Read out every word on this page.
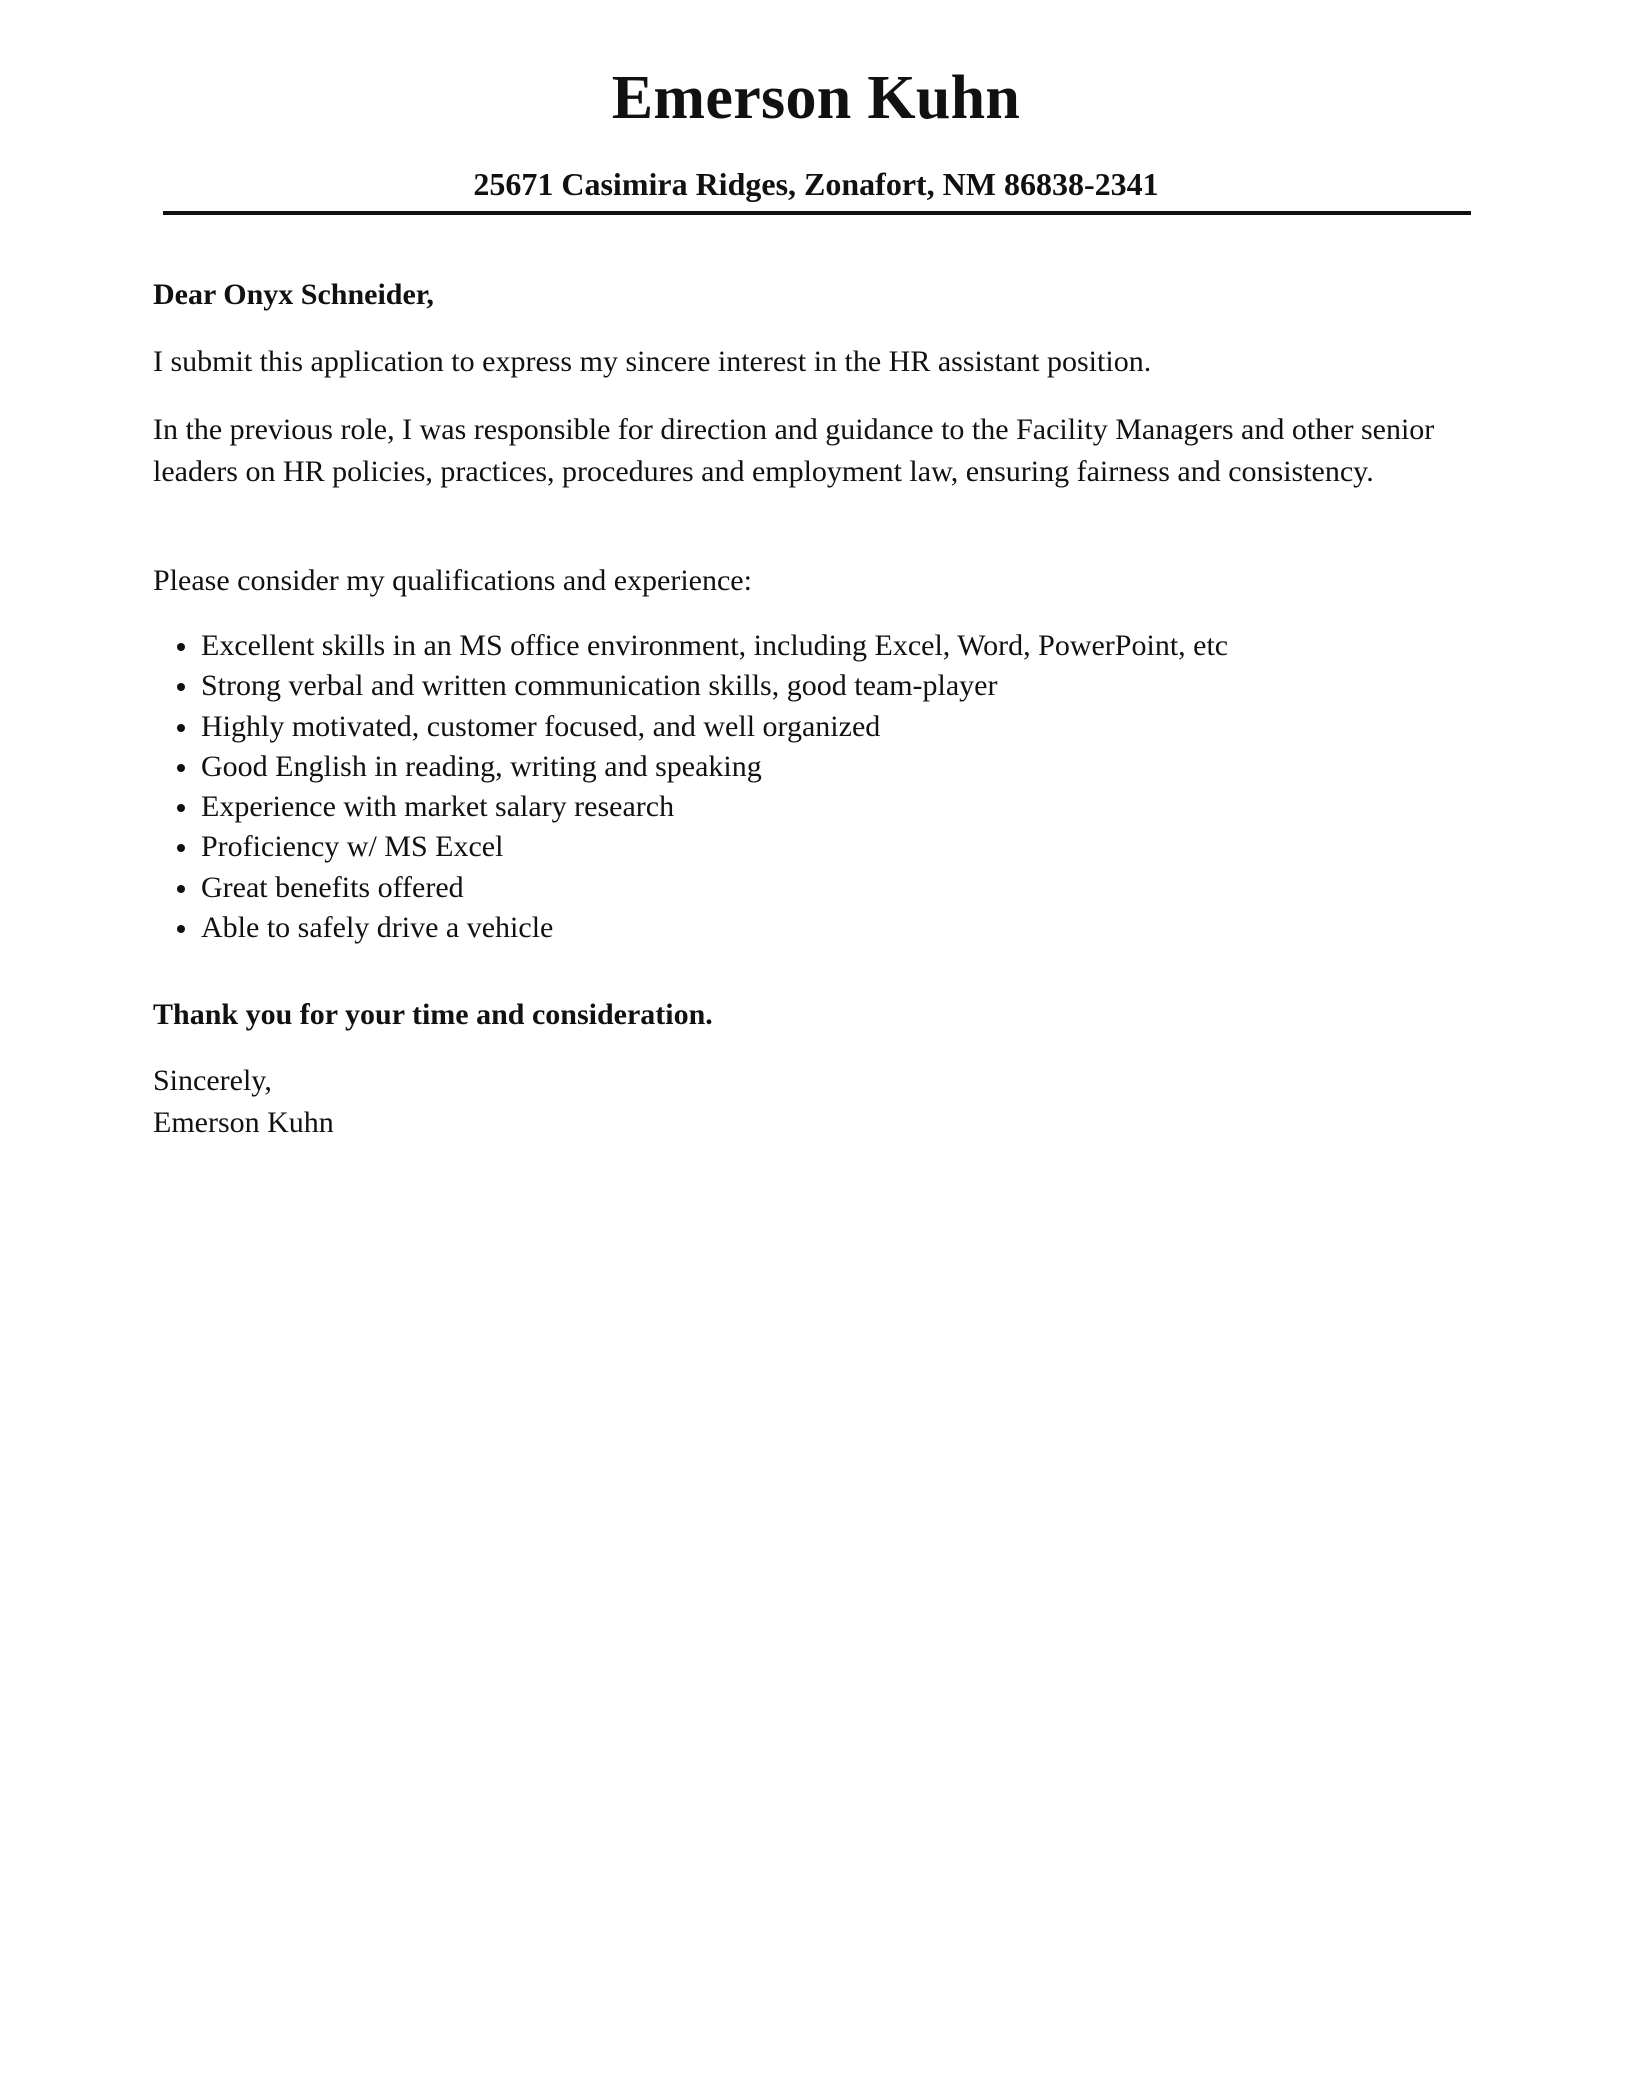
Emerson Kuhn
25671 Casimira Ridges, Zonafort, NM 86838-2341
Dear Onyx Schneider,
I submit this application to express my sincere interest in the HR assistant position.
In the previous role, I was responsible for direction and guidance to the Facility Managers and other senior leaders on HR policies, practices, procedures and employment law, ensuring fairness and consistency.
Please consider my qualifications and experience:
Excellent skills in an MS office environment, including Excel, Word, PowerPoint, etc
Strong verbal and written communication skills, good team-player
Highly motivated, customer focused, and well organized
Good English in reading, writing and speaking
Experience with market salary research
Proficiency w/ MS Excel
Great benefits offered
Able to safely drive a vehicle
Thank you for your time and consideration.
Sincerely,
Emerson Kuhn
